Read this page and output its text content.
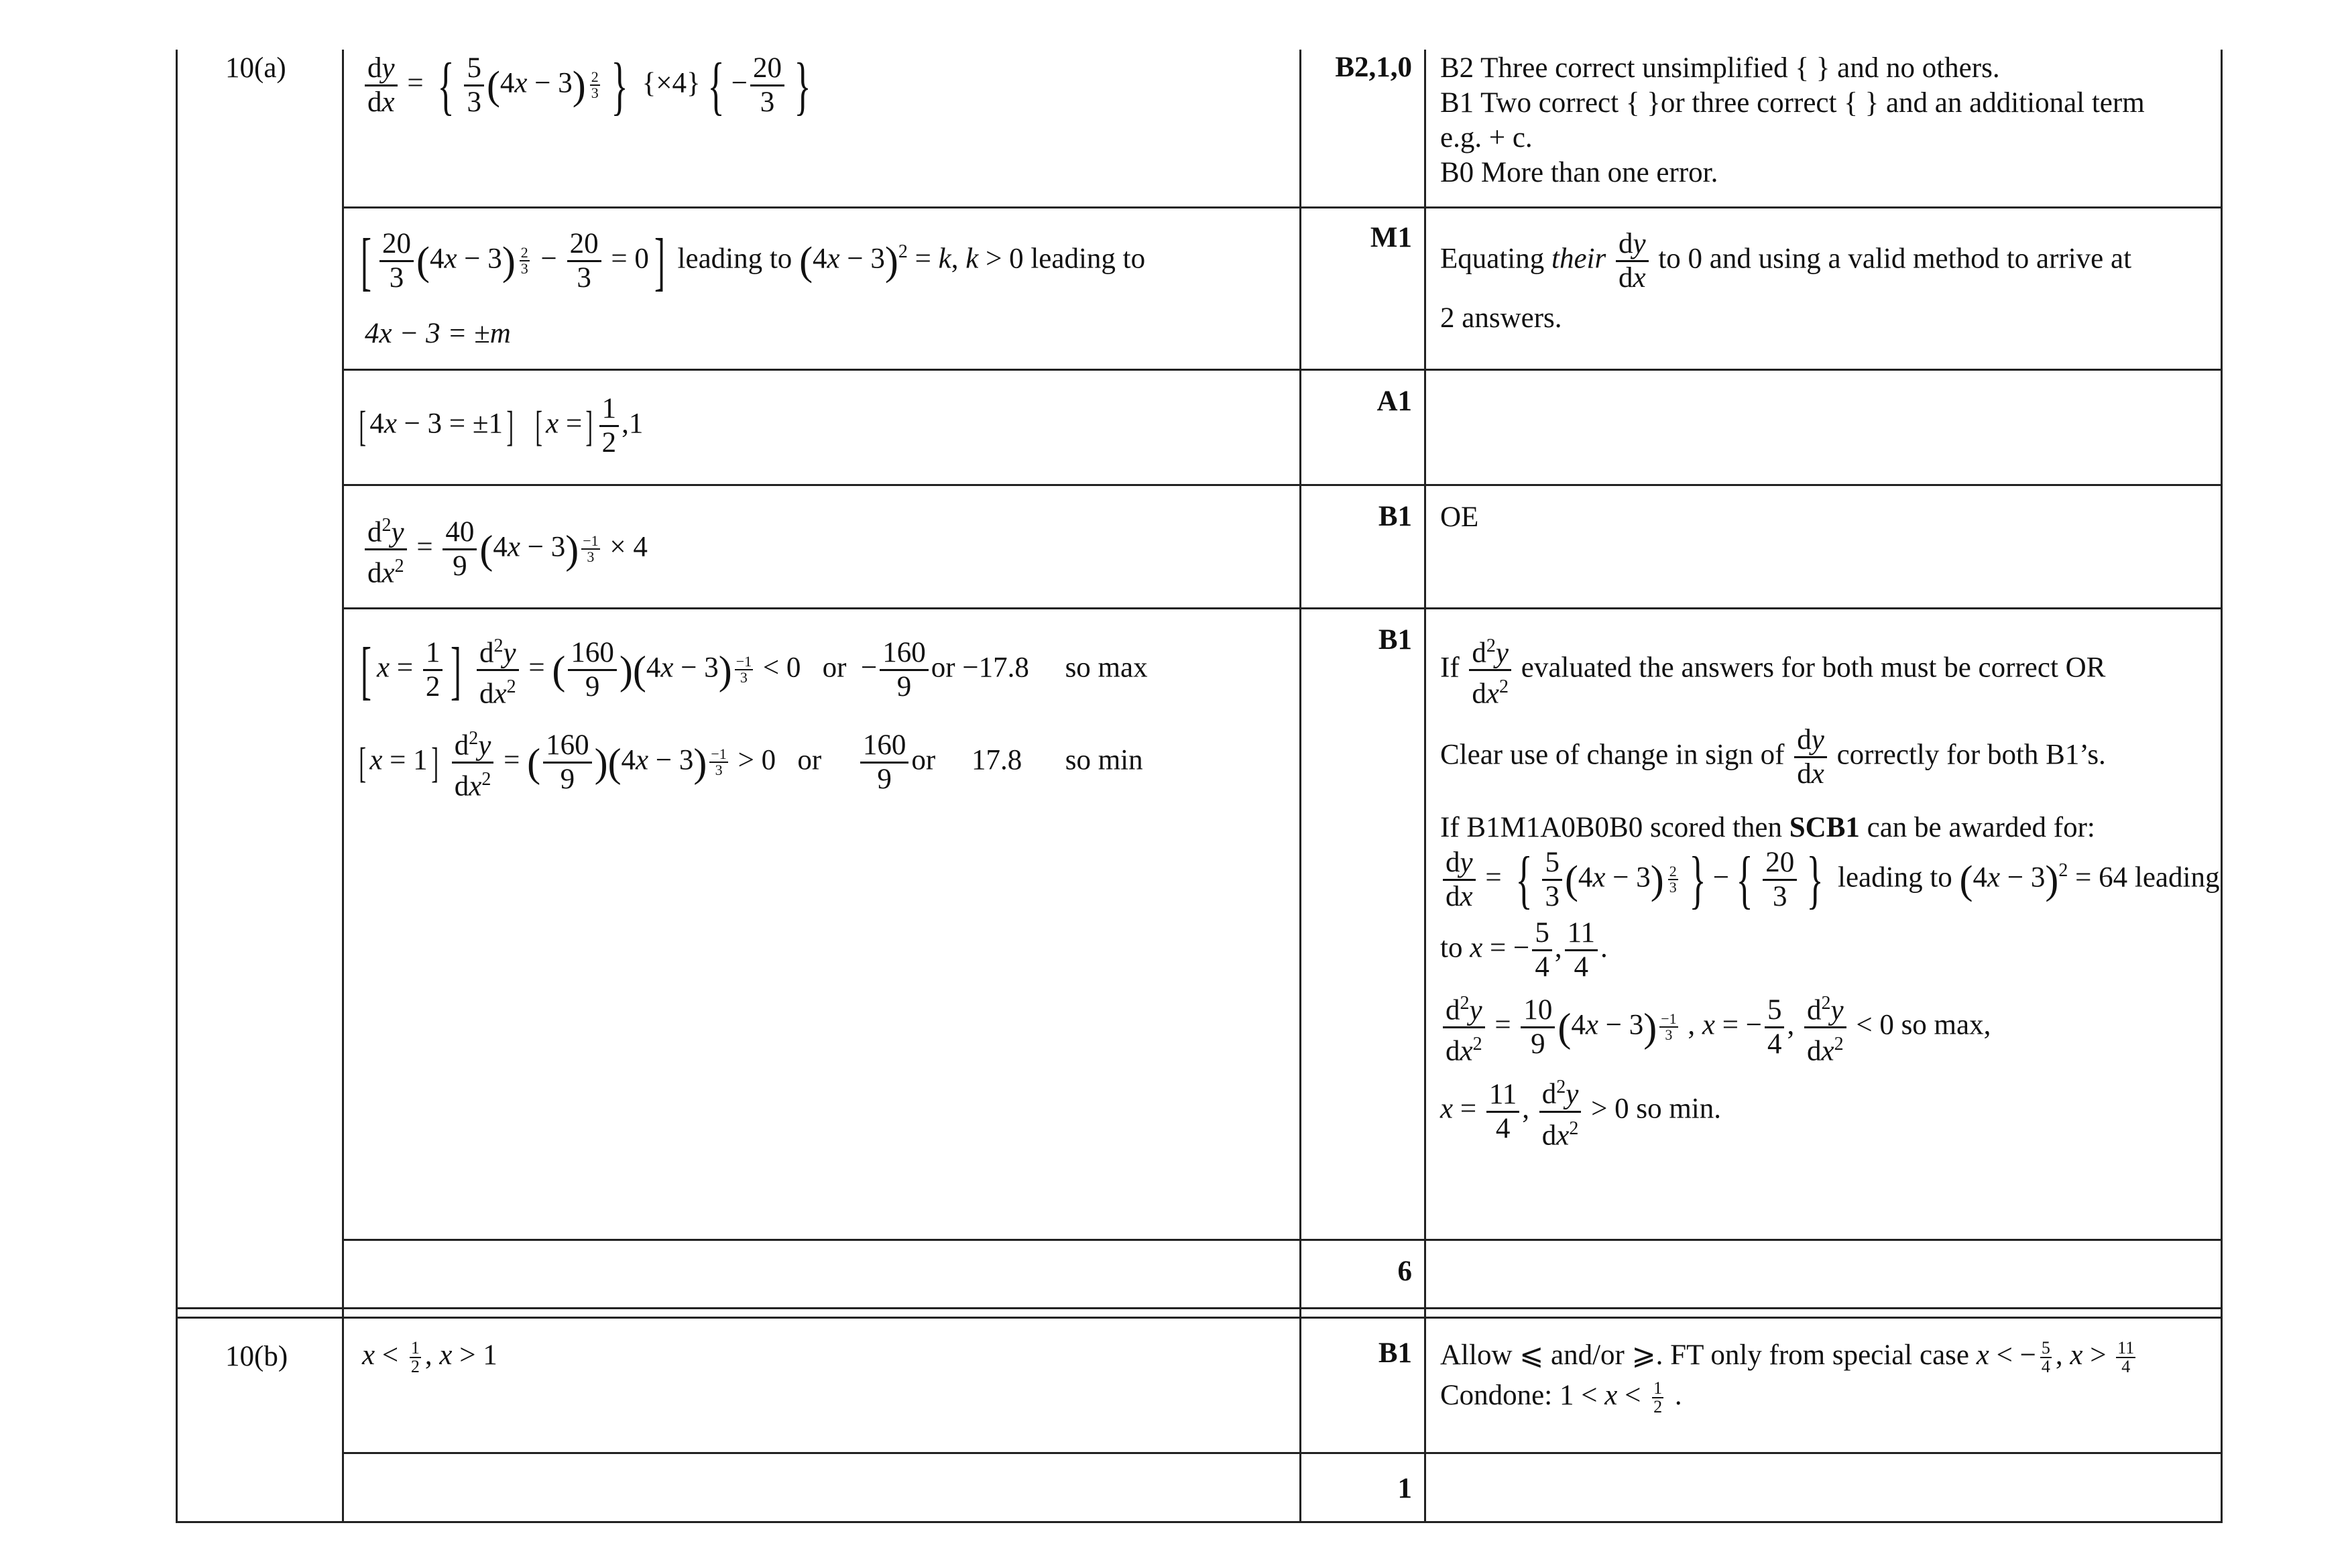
10(a)
10(b)
$\frac{dy}{dx}$ = { $\frac{5}{3} (4x - 3) \frac{2}{3}$ } {×4} { − $\frac{20}{3}$ }	B2,1,0 B2 Three correct unsimplified { } and no others.
B1 Two correct { }or three correct { } and an additional term
e.g. + c.
B0 More than one error.
[ $\frac{20}{3} (4x - 3) \frac{2}{3} - \frac{20}{3} = 0$] leading to $(4x - 3)^2 = k$, k > 0 leading to
4x − 3 = ±m
M1
Equating their $\frac{dy}{dx}$ to 0 and using a valid method to arrive at
2 answers.
[ 4x − 3 = ±1] [ x =] $\frac{1}{2} ,1$
A1
$\frac{d^2y}{dx^2} = \frac{40}{9} (4x - 3) \frac{-1}{3} \times 4$
B1 OE
[ $x = \frac{1}{2}$ ] $\frac{d^2y}{dx^2}$ = ( $\frac{160}{9} )(4x - 3) \frac{-1}{3} < 0$   or  − $\frac{160}{9}$ or −17.8     so max
[ $x = 1] \frac{d^2y}{dx^2}$ = ( $\frac{160}{9} )(4x - 3) \frac{-1}{3} > 0$   or $\frac{160}{9}$ or     17.8      so min
B1
If $\frac{d^2y}{dx^2}$ evaluated the answers for both must be correct OR
Clear use of change in sign of $\frac{dy}{dx}$ correctly for both B1’s.
If B1M1A0B0B0 scored then SCB1 can be awarded for:
$\frac{dy}{dx}$ = { $\frac{5}{3} (4x - 3) \frac{2}{3}$ } − { $\frac{20}{3}$ } leading to $(4x - 3)^2 = 64$ leading
to x = − $\frac{5}{4}$ , $\frac{11}{4}$ .
$\frac{d^2y}{dx^2} = \frac{10}{9} (4x - 3) \frac{-1}{3}$ , x = − $\frac{5}{4}$ , $\frac{d^2y}{dx^2} < 0$ so max,
$x = \frac{11}{4}$ , $\frac{d^2y}{dx^2} > 0$ so min.
6
$x < \frac{1}{2}$ , x > 1	B1 Allow ⩽ and/or ⩾. FT only from special case x < − $\frac{5}{4}$ , $x > \frac{11}{4}$
Condone: $1 < x < \frac{1}{2}$ .
1
